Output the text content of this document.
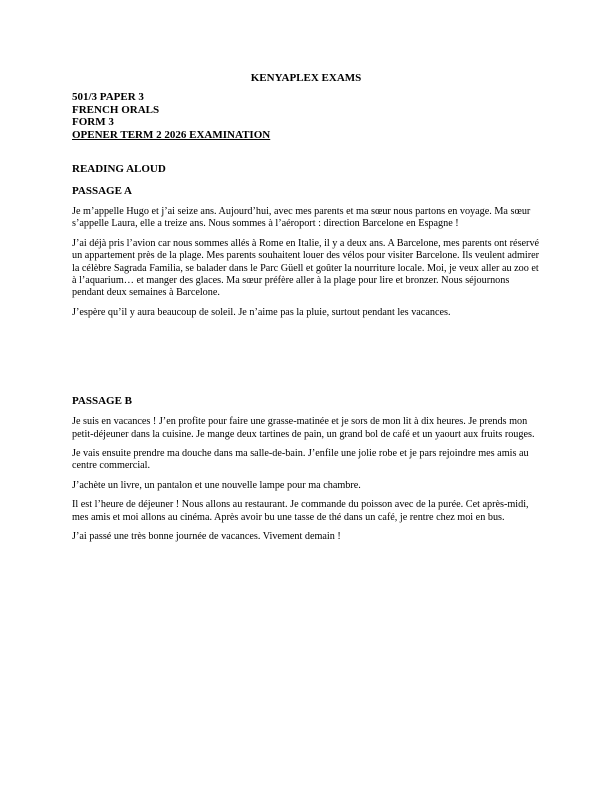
KENYAPLEX EXAMS
501/3 PAPER 3
FRENCH ORALS
FORM 3
OPENER TERM 2 2026 EXAMINATION
READING ALOUD
PASSAGE A

Je m’appelle Hugo et j’ai seize ans. Aujourd’hui, avec mes parents et ma sœur nous partons en voyage. Ma sœur s’appelle Laura, elle a treize ans. Nous sommes à l’aéroport : direction Barcelone en Espagne !

J’ai déjà pris l’avion car nous sommes allés à Rome en Italie, il y a deux ans. A Barcelone, mes parents ont réservé un appartement près de la plage. Mes parents souhaitent louer des vélos pour visiter Barcelone. Ils veulent admirer la célèbre Sagrada Familia, se balader dans le Parc Güell et goûter la nourriture locale. Moi, je veux aller au zoo et à l’aquarium… et manger des glaces. Ma sœur préfère aller à la plage pour lire et bronzer. Nous séjournons pendant deux semaines à Barcelone.

J’espère qu’il y aura beaucoup de soleil. Je n’aime pas la pluie, surtout pendant les vacances.

PASSAGE B

Je suis en vacances ! J’en profite pour faire une grasse-matinée et je sors de mon lit à dix heures. Je prends mon petit-déjeuner dans la cuisine. Je mange deux tartines de pain, un grand bol de café et un yaourt aux fruits rouges.

Je vais ensuite prendre ma douche dans ma salle-de-bain. J’enfile une jolie robe et je pars rejoindre mes amis au centre commercial.

J’achète un livre, un pantalon et une nouvelle lampe pour ma chambre.

Il est l’heure de déjeuner ! Nous allons au restaurant. Je commande du poisson avec de la purée. Cet après-midi, mes amis et moi allons au cinéma. Après avoir bu une tasse de thé dans un café, je rentre chez moi en bus.

J’ai passé une très bonne journée de vacances. Vivement demain !
